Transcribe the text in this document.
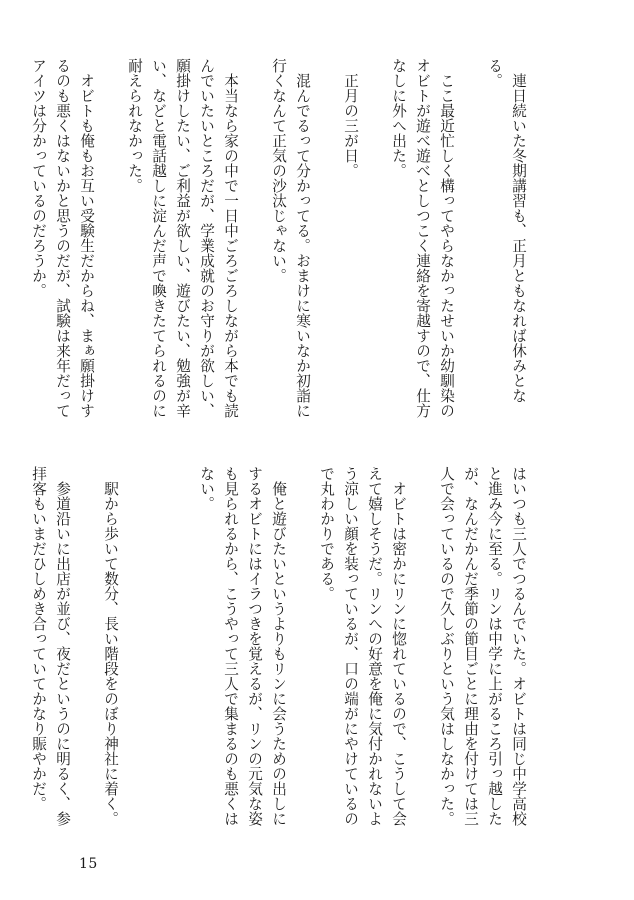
　連日続いた冬期講習も、正月ともなれば休みとなる。

　ここ最近忙しく構ってやらなかったせいか幼馴染のオビトが遊べ遊べとしつこく連絡を寄越すので、仕方なしに外へ出た。

　正月の三が日。

　混んでるって分かってる。おまけに寒いなか初詣に行くなんて正気の沙汰じゃない。

　本当なら家の中で一日中ごろごろしながら本でも読んでいたいところだが、学業成就のお守りが欲しい、願掛けしたい、ご利益が欲しい、遊びたい、勉強が辛い、などと電話越しに淀んだ声で喚きたてられるのに耐えられなかった。

　オビトも俺もお互い受験生だからね、まぁ願掛けするのも悪くはないかと思うのだが、試験は来年だってアイツは分かっているのだろうか。

はいつも三人でつるんでいた。オビトは同じ中学高校と進み今に至る。リンは中学に上がるころ引っ越したが、なんだかんだ季節の節目ごとに理由を付けては三人で会っているので久しぶりという気はしなかった。

　オビトは密かにリンに惚れているので、こうして会えて嬉しそうだ。リンへの好意を俺に気付かれないよう涼しい顔を装っているが、口の端がにやけているので丸わかりである。

　俺と遊びたいというよりもリンに会うための出しにするオビトにはイラつきを覚えるが、リンの元気な姿も見られるから、こうやって三人で集まるのも悪くはない。

　駅から歩いて数分、長い階段をのぼり神社に着く。

　参道沿いに出店が並び、夜だというのに明るく、参拝客もいまだひしめき合っていてかなり賑やかだ。

15
